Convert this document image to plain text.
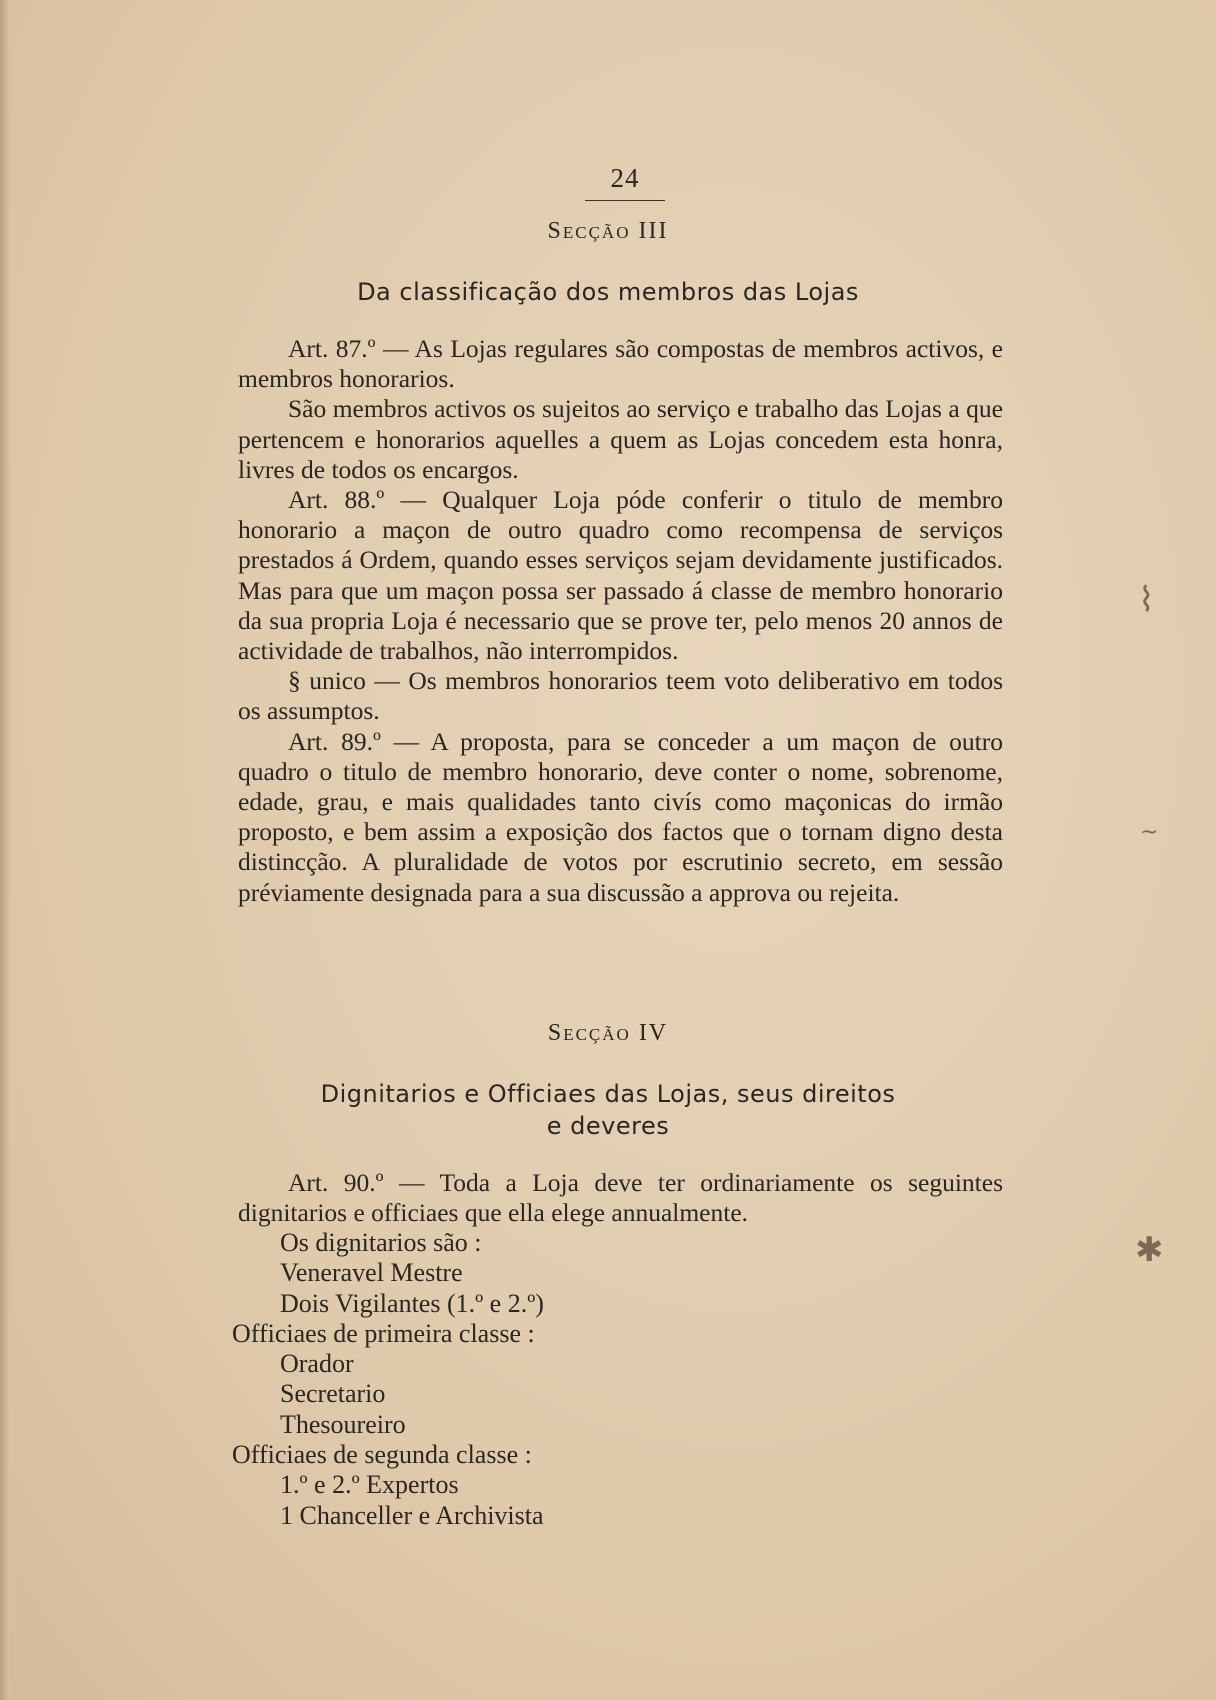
24
Secção III
Da classificação dos membros das Lojas

Art. 87.º — As Lojas regulares são compostas de membros activos, e membros honorarios.

São membros activos os sujeitos ao serviço e trabalho das Lojas a que pertencem e honorarios aquelles a quem as Lojas concedem esta honra, livres de todos os encargos.

Art. 88.º — Qualquer Loja póde conferir o titulo de membro honorario a maçon de outro quadro como recompensa de serviços prestados á Ordem, quando esses serviços sejam devidamente justificados. Mas para que um maçon possa ser passado á classe de membro honorario da sua propria Loja é necessario que se prove ter, pelo menos 20 annos de actividade de trabalhos, não interrompidos.

§ unico — Os membros honorarios teem voto deliberativo em todos os assumptos.

Art. 89.º — A proposta, para se conceder a um maçon de outro quadro o titulo de membro honorario, deve conter o nome, sobrenome, edade, grau, e mais qualidades tanto civís como maçonicas do irmão proposto, e bem assim a exposição dos factos que o tornam digno desta distincção. A pluralidade de votos por escrutinio secreto, em sessão préviamente designada para a sua discussão a approva ou rejeita.

Secção IV
Dignitarios e Officiaes das Lojas, seus direitos
e deveres

Art. 90.º — Toda a Loja deve ter ordinariamente os seguintes dignitarios e officiaes que ella elege annualmente.

Os dignitarios são :
Veneravel Mestre
Dois Vigilantes (1.º e 2.º)
Officiaes de primeira classe :
Orador
Secretario
Thesoureiro
Officiaes de segunda classe :
1.º e 2.º Expertos
1 Chanceller e Archivista
⌇
~
✱
